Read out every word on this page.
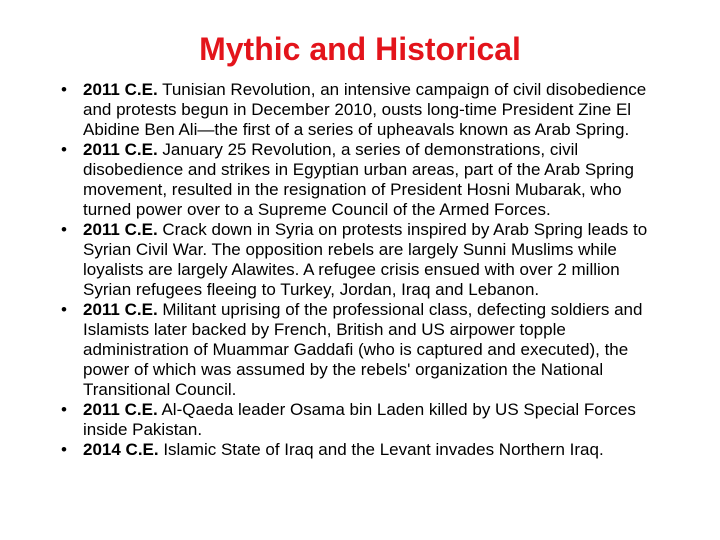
Mythic and Historical
• 2011 C.E. Tunisian Revolution, an intensive campaign of civil disobedience and protests begun in December 2010, ousts long-time President Zine El Abidine Ben Ali—the first of a series of upheavals known as Arab Spring.
• 2011 C.E. January 25 Revolution, a series of demonstrations, civil disobedience and strikes in Egyptian urban areas, part of the Arab Spring movement, resulted in the resignation of President Hosni Mubarak, who turned power over to a Supreme Council of the Armed Forces.
• 2011 C.E. Crack down in Syria on protests inspired by Arab Spring leads to Syrian Civil War. The opposition rebels are largely Sunni Muslims while loyalists are largely Alawites. A refugee crisis ensued with over 2 million Syrian refugees fleeing to Turkey, Jordan, Iraq and Lebanon.
• 2011 C.E. Militant uprising of the professional class, defecting soldiers and Islamists later backed by French, British and US airpower topple administration of Muammar Gaddafi (who is captured and executed), the power of which was assumed by the rebels' organization the National Transitional Council.
• 2011 C.E. Al-Qaeda leader Osama bin Laden killed by US Special Forces inside Pakistan.
• 2014 C.E. Islamic State of Iraq and the Levant invades Northern Iraq.
